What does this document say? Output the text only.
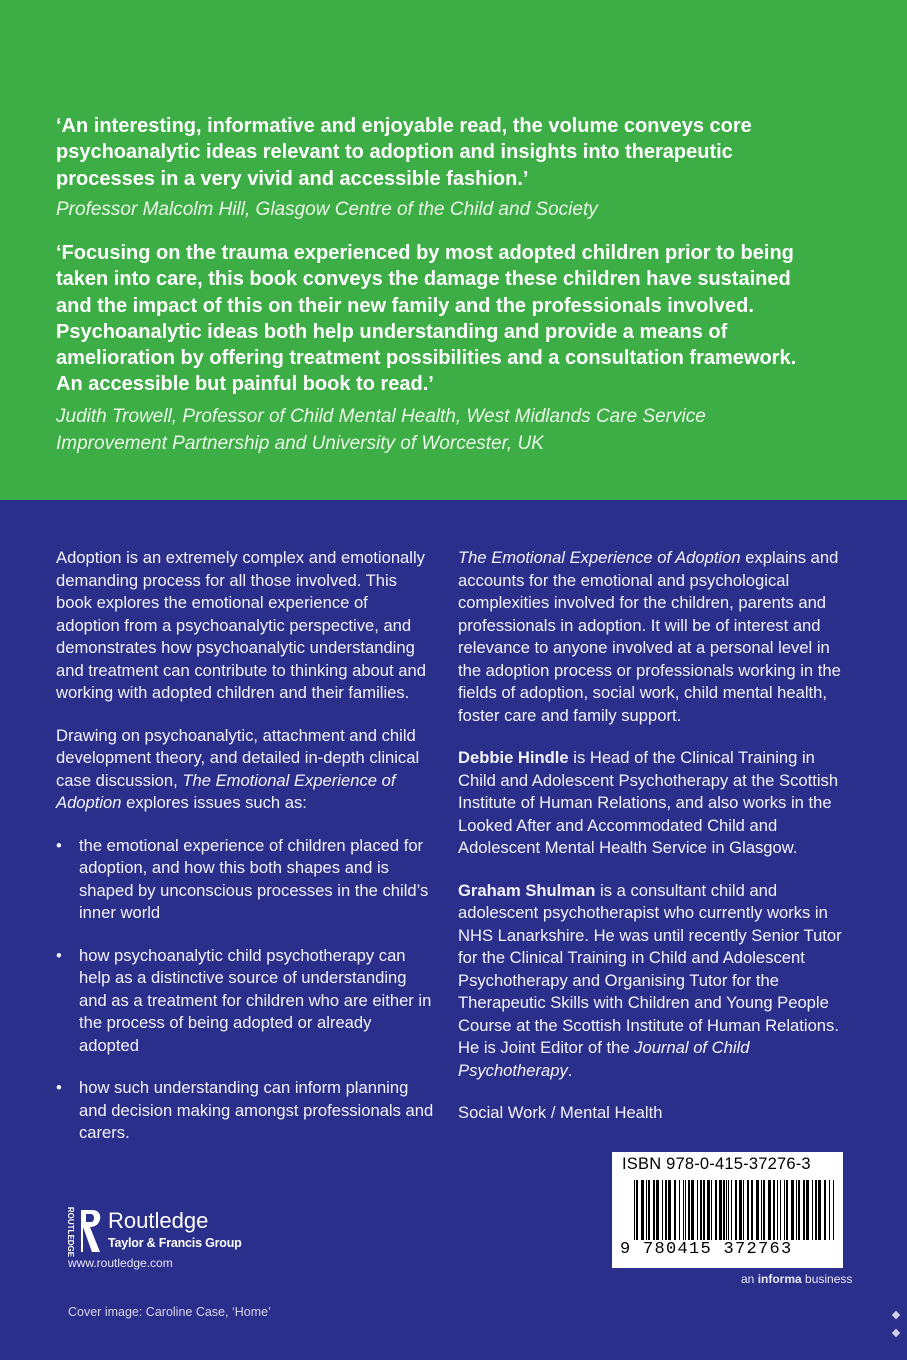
‘An interesting, informative and enjoyable read, the volume conveys core
psychoanalytic ideas relevant to adoption and insights into therapeutic
processes in a very vivid and accessible fashion.’
Professor Malcolm Hill, Glasgow Centre of the Child and Society
‘Focusing on the trauma experienced by most adopted children prior to being
taken into care, this book conveys the damage these children have sustained
and the impact of this on their new family and the professionals involved.
Psychoanalytic ideas both help understanding and provide a means of
amelioration by offering treatment possibilities and a consultation framework.
An accessible but painful book to read.’
Judith Trowell, Professor of Child Mental Health, West Midlands Care Service
Improvement Partnership and University of Worcester, UK

Adoption is an extremely complex and emotionally demanding process for all those involved. This book explores the emotional experience of adoption from a psychoanalytic perspective, and demonstrates how psychoanalytic understanding and treatment can contribute to thinking about and working with adopted children and their families.

Drawing on psychoanalytic, attachment and child development theory, and detailed in-depth clinical case discussion, The Emotional Experience of Adoption explores issues such as:

• the emotional experience of children placed for adoption, and how this both shapes and is shaped by unconscious processes in the child’s inner world
• how psychoanalytic child psychotherapy can help as a distinctive source of understanding and as a treatment for children who are either in the process of being adopted or already adopted
• how such understanding can inform planning and decision making amongst professionals and carers.

The Emotional Experience of Adoption explains and accounts for the emotional and psychological complexities involved for the children, parents and professionals in adoption. It will be of interest and relevance to anyone involved at a personal level in the adoption process or professionals working in the fields of adoption, social work, child mental health, foster care and family support.

Debbie Hindle is Head of the Clinical Training in Child and Adolescent Psychotherapy at the Scottish Institute of Human Relations, and also works in the Looked After and Accommodated Child and Adolescent Mental Health Service in Glasgow.

Graham Shulman is a consultant child and adolescent psychotherapist who currently works in NHS Lanarkshire. He was until recently Senior Tutor for the Clinical Training in Child and Adolescent Psychotherapy and Organising Tutor for the Therapeutic Skills with Children and Young People Course at the Scottish Institute of Human Relations. He is Joint Editor of the Journal of Child Psychotherapy.

Social Work / Mental Health

ISBN 978-0-415-37276-3
9 780415 372763
an informa business
ROUTLEDGE Routledge
Taylor & Francis Group
www.routledge.com
Cover image: Caroline Case, ‘Home’
